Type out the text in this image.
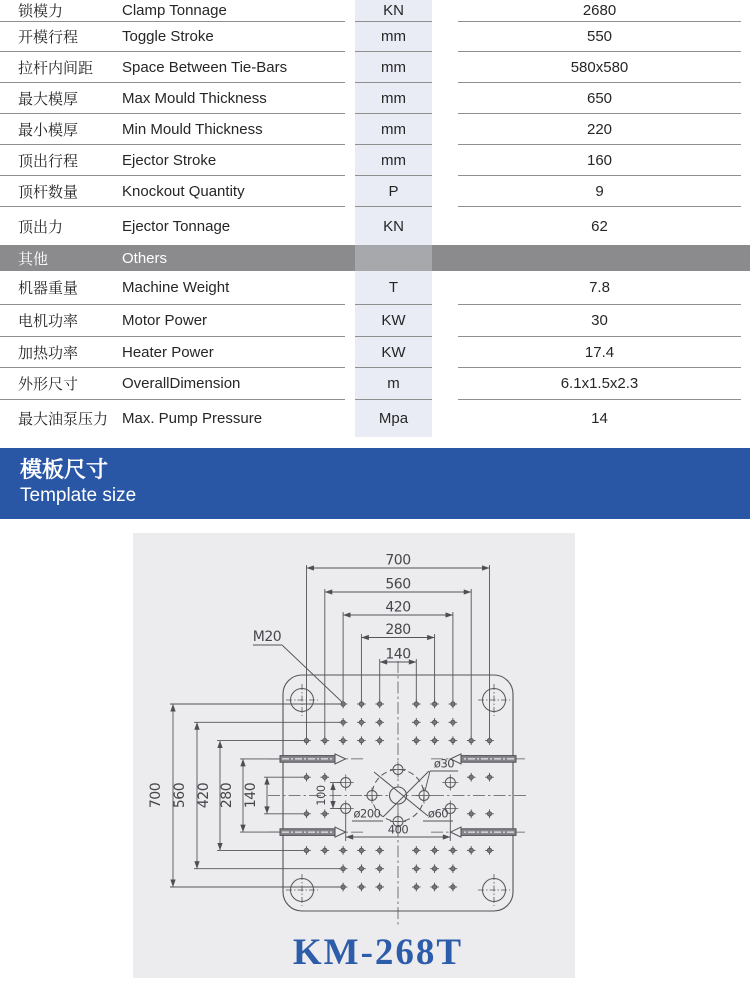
锁模力	Clamp Tonnage	KN	2680
开模行程	Toggle Stroke	mm	550
拉杆内间距	Space Between Tie-Bars	mm	580x580
最大模厚	Max Mould Thickness	mm	650
最小模厚	Min Mould Thickness	mm	220
顶出行程	Ejector Stroke	mm	160
顶杆数量	Knockout Quantity	P	9
顶出力	Ejector Tonnage	KN	62
其他	Others
机器重量	Machine Weight	T	7.8
电机功率	Motor Power	KW	30
加热功率	Heater Power	KW	17.4
外形尺寸	OverallDimension	m	6.1x1.5x2.3
最大油泵压力 Max. Pump Pressure	Mpa	14
模板尺寸
Template size
700
560
420
280
140
700 560 420 280 140	100
400
M20
ø200	ø60
ø30
KM-268T
